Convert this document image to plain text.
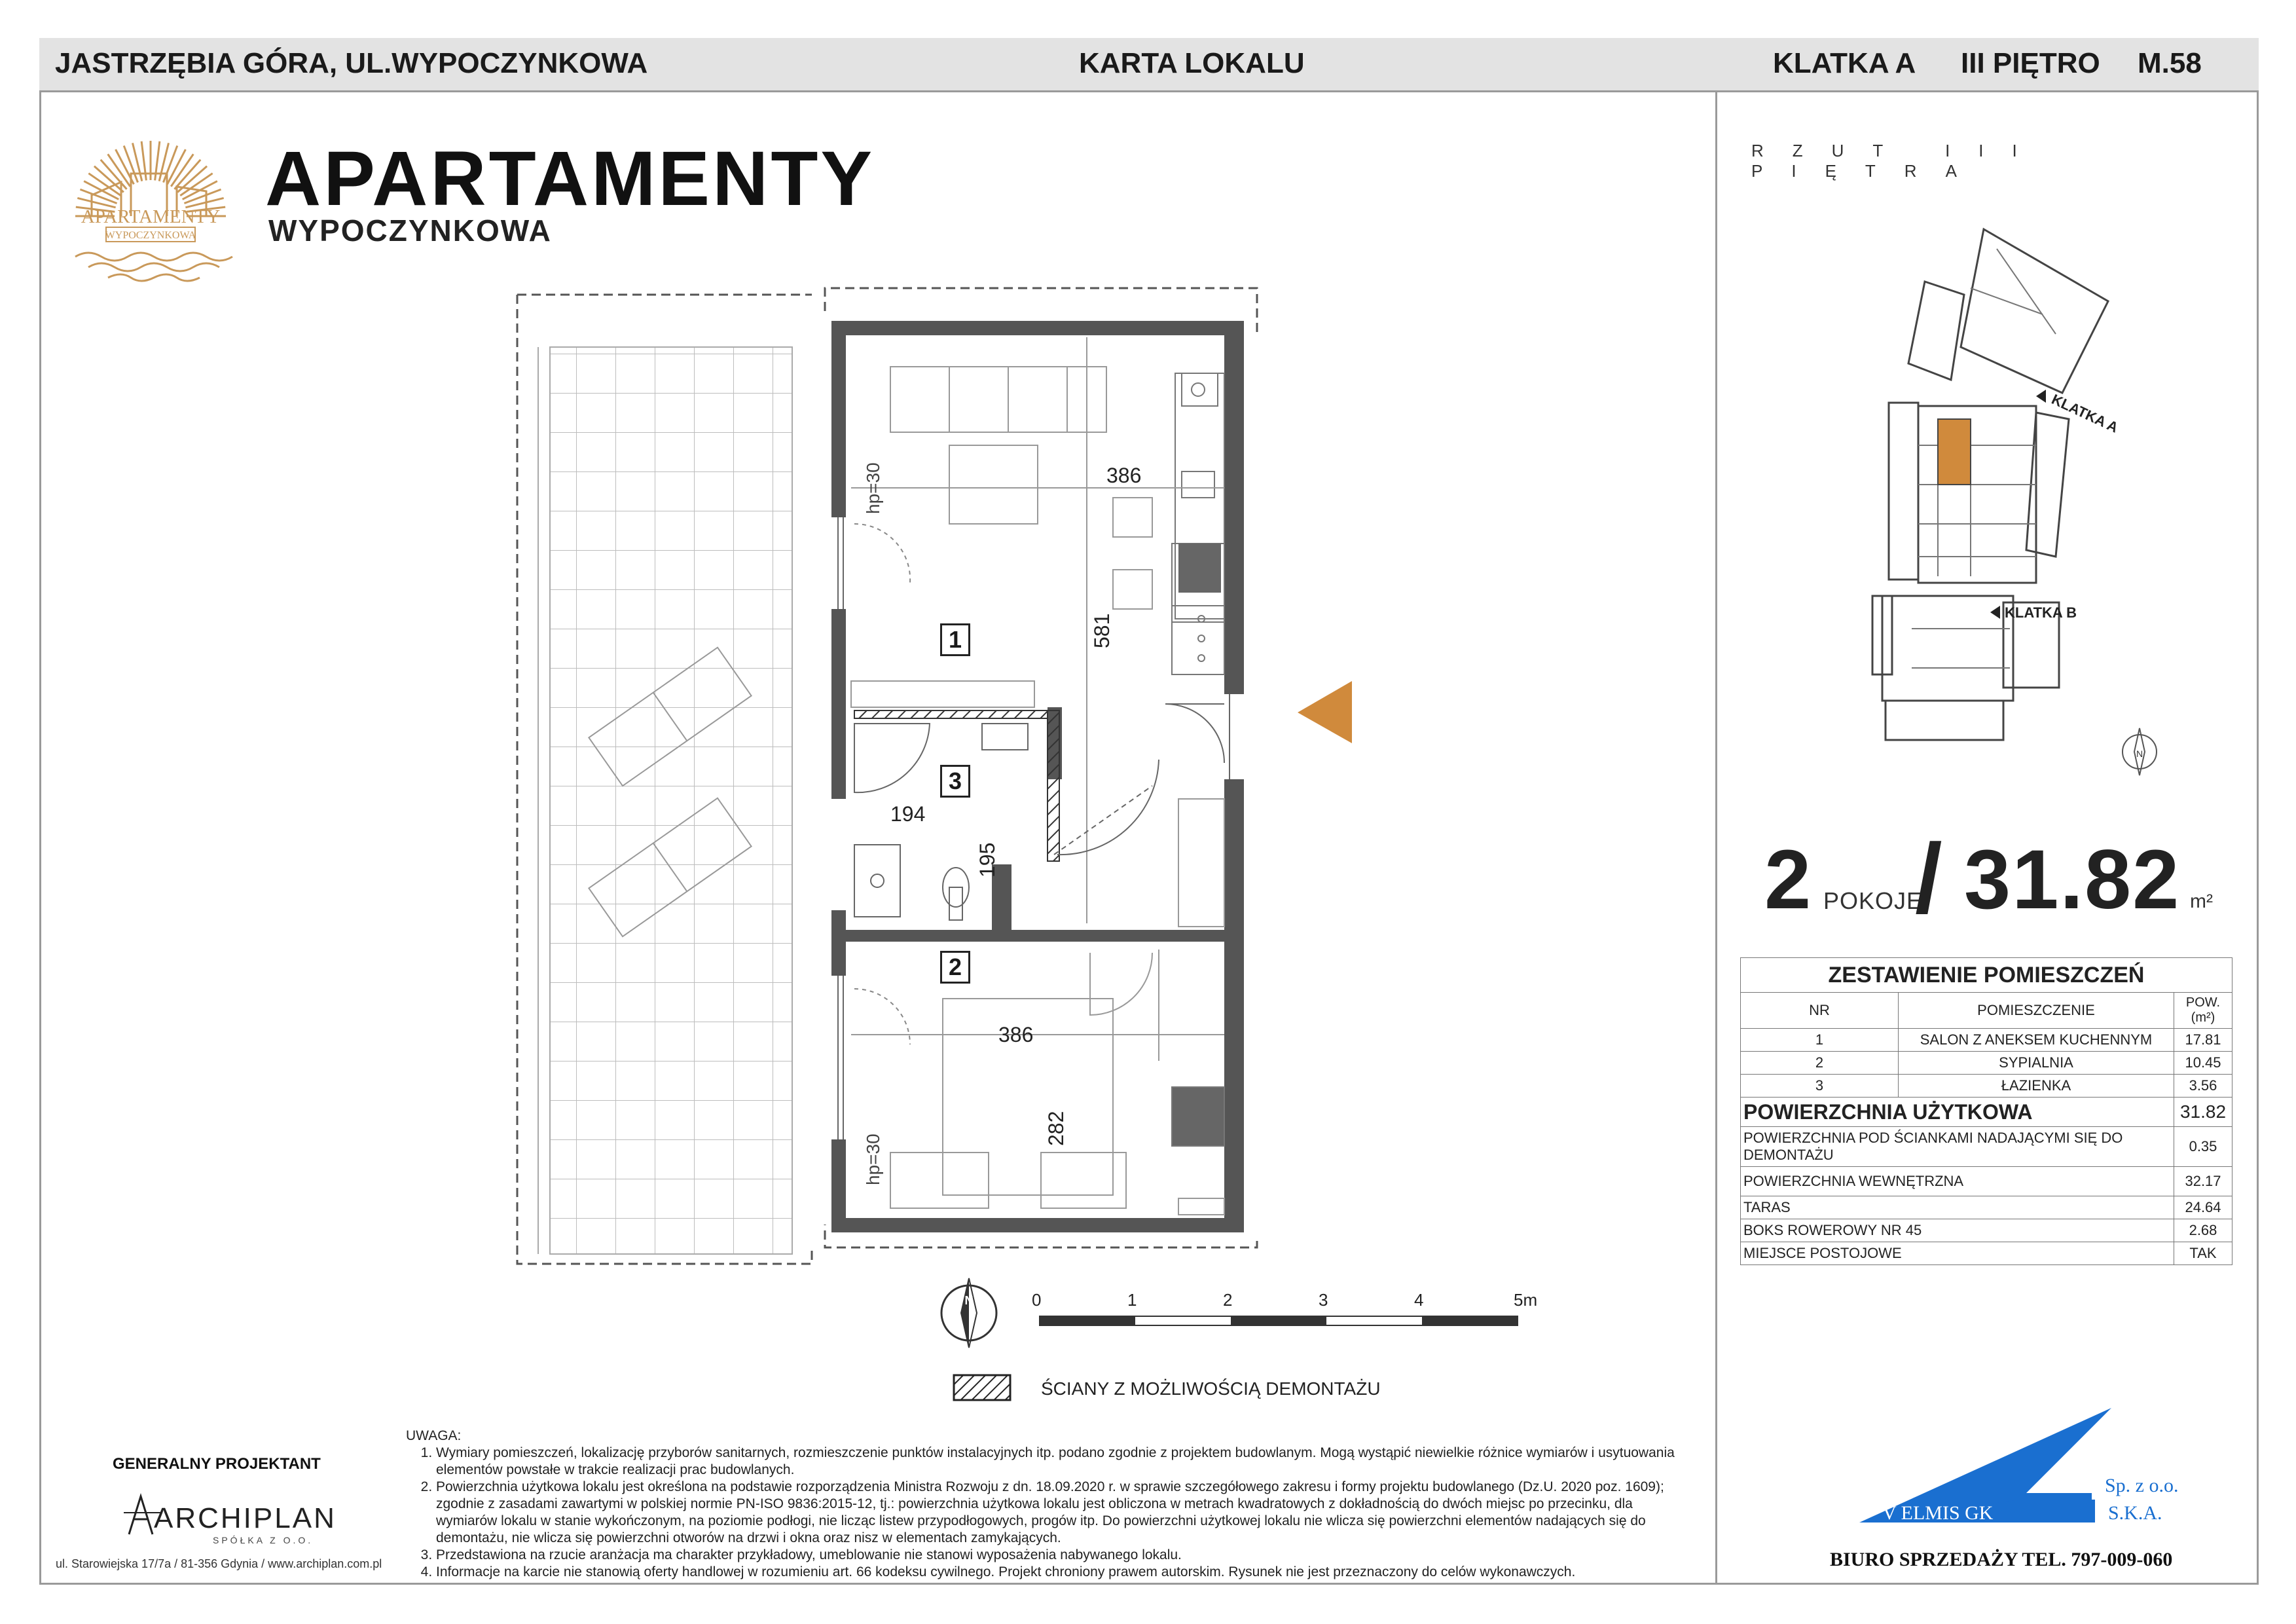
JASTRZĘBIA GÓRA, UL.WYPOCZYNKOWA	KARTA LOKALU	KLATKA A III PIĘTRO M.58
APARTAMENTY
WYPOCZYNKOWA
APARTAMENTY
WYPOCZYNKOWA
386
581
194
195
386
282
hp=30
hp=30
1
2
3
N	0	1	2	3	4	5m
ŚCIANY Z MOŻLIWOŚCIĄ DEMONTAŻU
UWAGA:
1. Wymiary pomieszczeń, lokalizację przyborów sanitarnych, rozmieszczenie punktów instalacyjnych itp. podano zgodnie z projektem budowlanym. Mogą wystąpić niewielkie różnice wymiarów i usytuowania elementów powstałe w trakcie realizacji prac budowlanych.
2. Powierzchnia użytkowa lokalu jest określona na podstawie rozporządzenia Ministra Rozwoju z dn. 18.09.2020 r. w sprawie szczegółowego zakresu i formy projektu budowlanego (Dz.U. 2020 poz. 1609); zgodnie z zasadami zawartymi w polskiej normie PN-ISO 9836:2015-12, tj.: powierzchnia użytkowa lokalu jest obliczona w metrach kwadratowych z dokładnością do dwóch miejsc po przecinku, dla wymiarów lokalu w stanie wykończonym, na poziomie podłogi, nie licząc listew przypodłogowych, progów itp. Do powierzchni użytkowej lokalu nie wlicza się powierzchni elementów nadających się do demontażu, nie wlicza się powierzchni otworów na drzwi i okna oraz nisz w elementach zamykających.
3. Przedstawiona na rzucie aranżacja ma charakter przykładowy, umeblowanie nie stanowi wyposażenia nabywanego lokalu.
4. Informacje na karcie nie stanowią oferty handlowej w rozumieniu art. 66 kodeksu cywilnego. Projekt chroniony prawem autorskim. Rysunek nie jest przeznaczony do celów wykonawczych.
GENERALNY PROJEKTANT
ARCHIPLAN
SPÓŁKA Z O.O.
ul. Starowiejska 17/7a / 81-356 Gdynia / www.archiplan.com.pl
RZUT III PIĘTRA
KLATKA A
KLATKA B
N
2 POKOJE
/ 31.82 m²
ZESTAWIENIE POMIESZCZEŃ		
NR	POMIESZCZENIE	POW. (m²)
1	SALON Z ANEKSEM KUCHENNYM	17.81
2	SYPIALNIA	10.45
3	ŁAZIENKA	3.56
POWIERZCHNIA UŻYTKOWA		31.82
POWIERZCHNIA POD ŚCIANKAMI NADAJĄCYMI SIĘ DO DEMONTAŻU		0.35
POWIERZCHNIA WEWNĘTRZNA		32.17
TARAS		24.64
BOKS ROWEROWY NR 45		2.68
MIEJSCE POSTOJOWE		TAK
V ELMIS GK
Sp. z o.o.
S.K.A.
BIURO SPRZEDAŻY TEL. 797-009-060
